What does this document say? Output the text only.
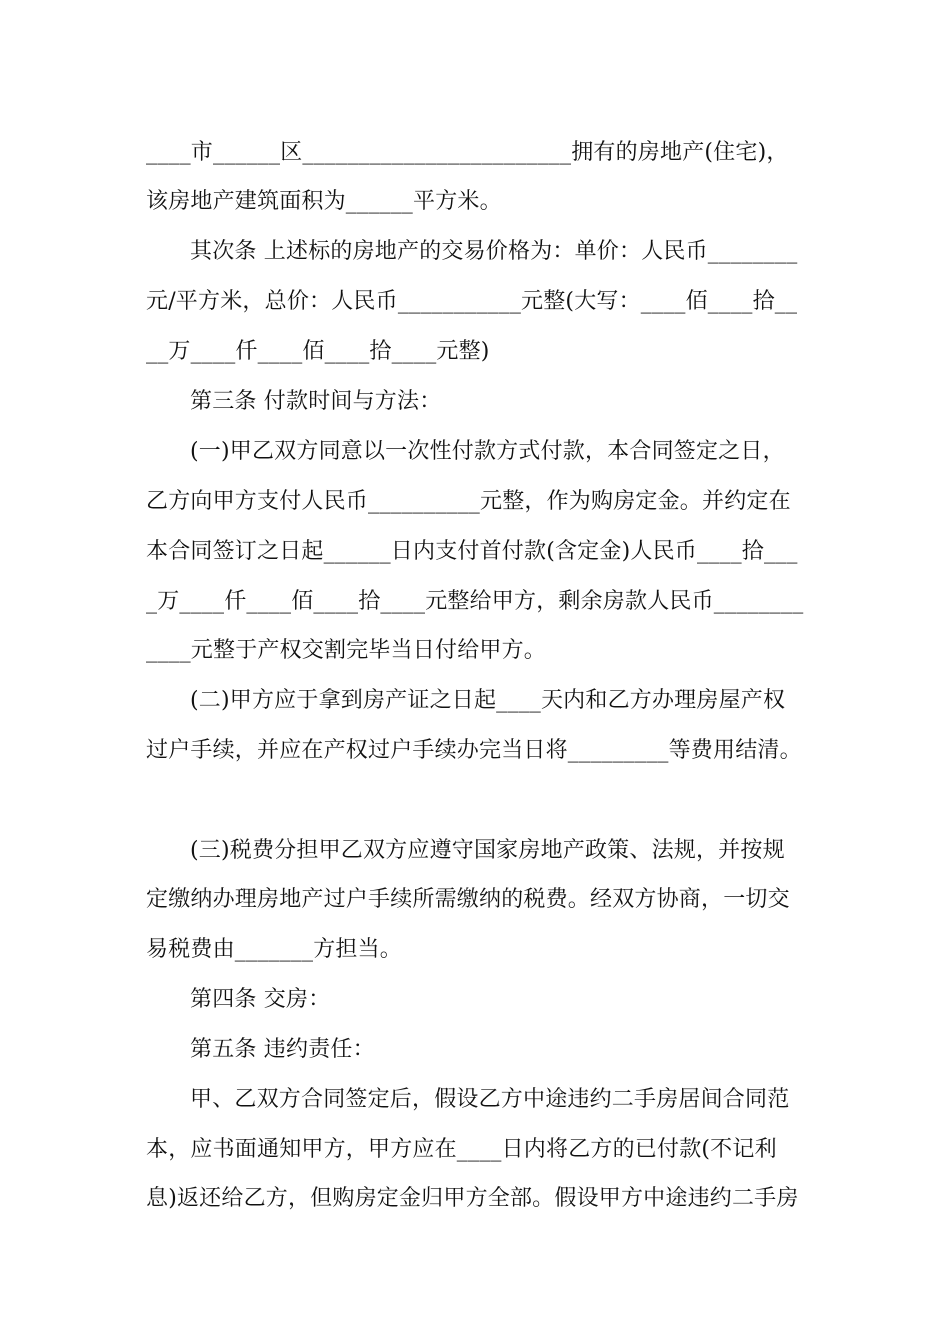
____市______区________________________拥有的房地产(住宅)，
该房地产建筑面积为______平方米。
其次条 上述标的房地产的交易价格为：单价：人民币________
元/平方米，总价：人民币___________元整(大写：____佰____拾__
__万____仟____佰____拾____元整)
第三条 付款时间与方法：
(一)甲乙双方同意以一次性付款方式付款，本合同签定之日，
乙方向甲方支付人民币__________元整，作为购房定金。并约定在
本合同签订之日起______日内支付首付款(含定金)人民币____拾___
_万____仟____佰____拾____元整给甲方，剩余房款人民币________
____元整于产权交割完毕当日付给甲方。
(二)甲方应于拿到房产证之日起____天内和乙方办理房屋产权
过户手续，并应在产权过户手续办完当日将_________等费用结清。
(三)税费分担甲乙双方应遵守国家房地产政策、法规，并按规
定缴纳办理房地产过户手续所需缴纳的税费。经双方协商，一切交
易税费由_______方担当。
第四条 交房：
第五条 违约责任：
甲、乙双方合同签定后，假设乙方中途违约二手房居间合同范
本，应书面通知甲方，甲方应在____日内将乙方的已付款(不记利
息)返还给乙方，但购房定金归甲方全部。假设甲方中途违约二手房
